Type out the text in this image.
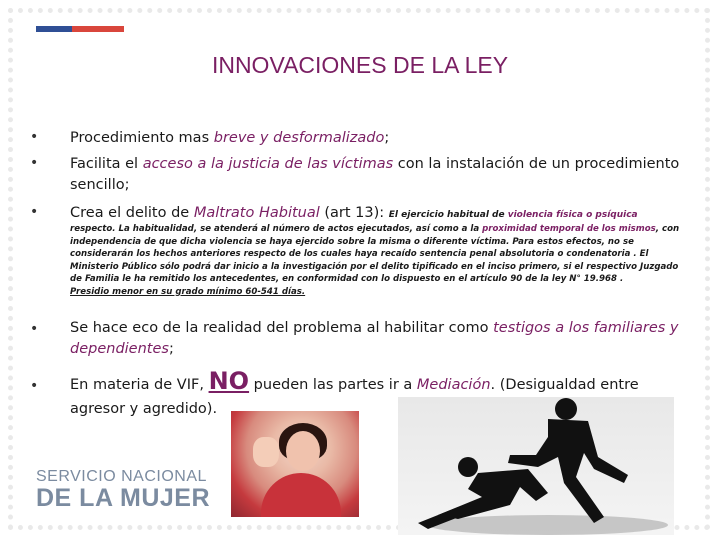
INNOVACIONES DE LA LEY
• Procedimiento mas breve y desformalizado;
• Facilita el acceso a la justicia de las víctimas con la instalación de un procedimiento sencillo;
• Crea el delito de Maltrato Habitual (art 13): El ejercicio habitual de violencia física o psíquica
respecto. La habitualidad, se atenderá al número de actos ejecutados, así como a la proximidad temporal de los mismos, con independencia de que dicha violencia se haya ejercido sobre la misma o diferente víctima. Para estos efectos, no se considerarán los hechos anteriores respecto de los cuales haya recaído sentencia penal absolutoria o condenatoria . El Ministerio Público sólo podrá dar inicio a la investigación por el delito tipificado en el inciso primero, si el respectivo Juzgado de Familia le ha remitido los antecedentes, en conformidad con lo dispuesto en el artículo 90 de la ley N° 19.968 .
Presidio menor en su grado mínimo 60-541 días.
• Se hace eco de la realidad del problema al habilitar como testigos a los familiares y dependientes;
• En materia de VIF, NO pueden las partes ir a Mediación. (Desigualdad entre agresor y agredido).
SERVICIO NACIONAL
DE LA MUJER
